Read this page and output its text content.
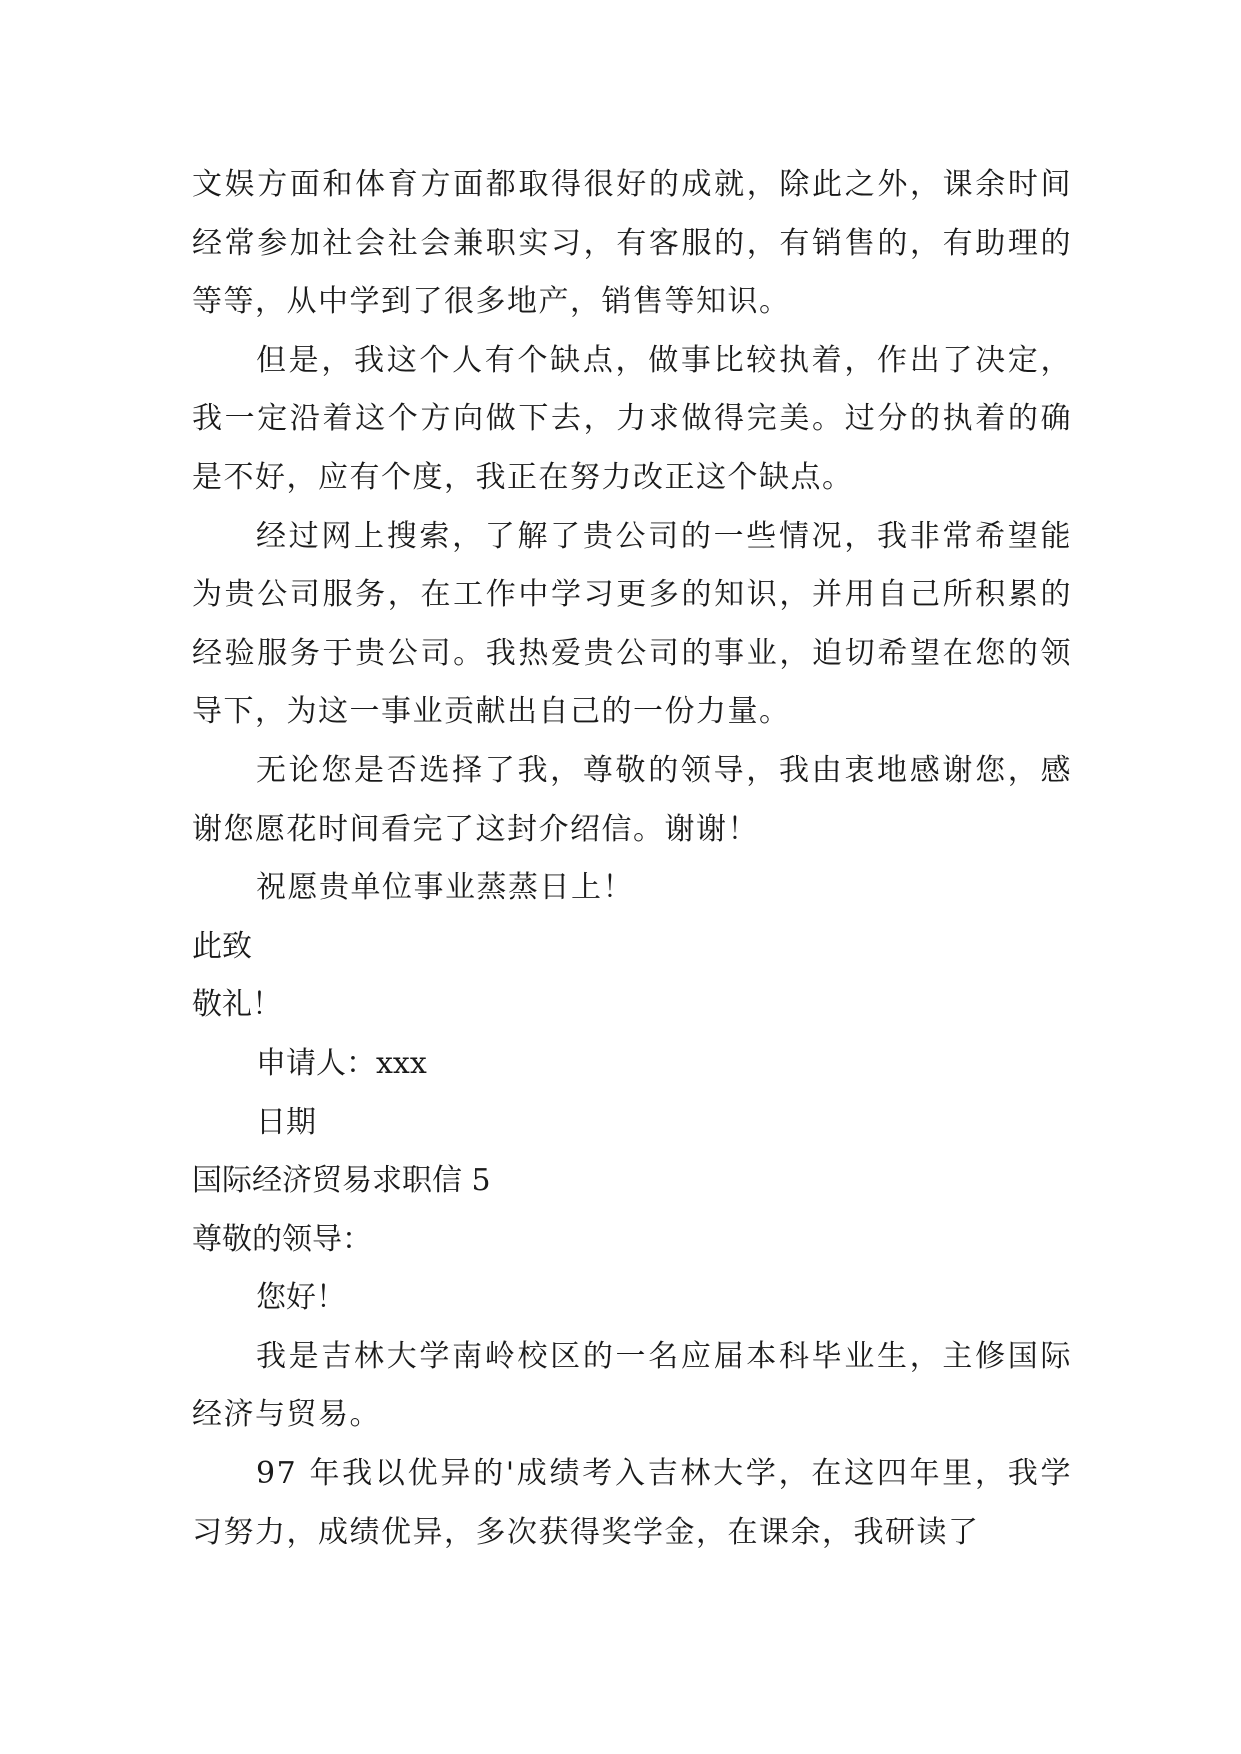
文娱方面和体育方面都取得很好的成就，除此之外，课余时间经常参加社会社会兼职实习，有客服的，有销售的，有助理的等等，从中学到了很多地产，销售等知识。

但是，我这个人有个缺点，做事比较执着，作出了决定，我一定沿着这个方向做下去，力求做得完美。过分的执着的确是不好，应有个度，我正在努力改正这个缺点。

经过网上搜索，了解了贵公司的一些情况，我非常希望能为贵公司服务，在工作中学习更多的知识，并用自己所积累的经验服务于贵公司。我热爱贵公司的事业，迫切希望在您的领导下，为这一事业贡献出自己的一份力量。

无论您是否选择了我，尊敬的领导，我由衷地感谢您，感谢您愿花时间看完了这封介绍信。谢谢！

祝愿贵单位事业蒸蒸日上！

此致

敬礼！

申请人：xxx

日期

国际经济贸易求职信 5

尊敬的领导：

您好！

我是吉林大学南岭校区的一名应届本科毕业生，主修国际经济与贸易。

97 年我以优异的'成绩考入吉林大学，在这四年里，我学习努力，成绩优异，多次获得奖学金，在课余，我研读了
